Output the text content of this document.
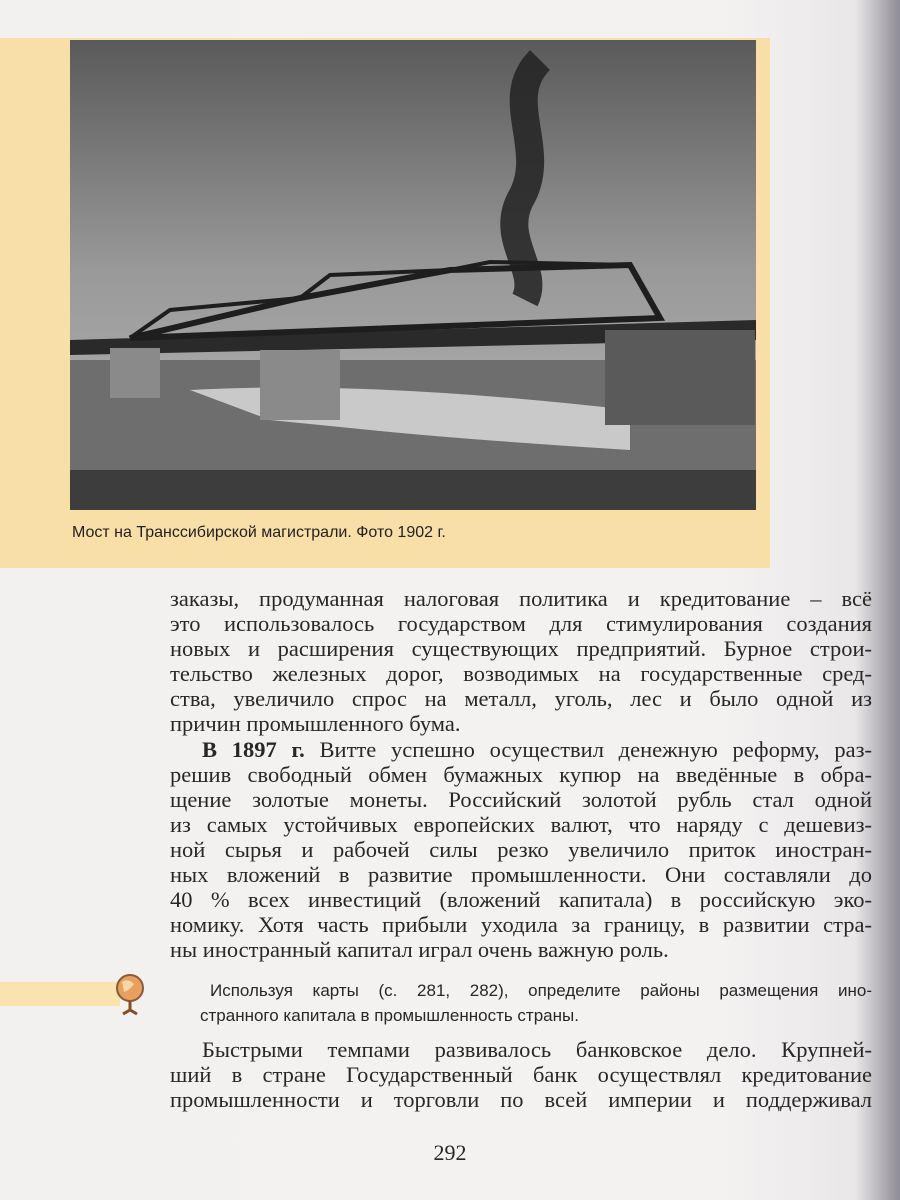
Мост на Транссибирской магистрали. Фото 1902 г.
заказы, продуманная налоговая политика и кредитование – всё
это использовалось государством для стимулирования создания
новых и расширения существующих предприятий. Бурное строи-
тельство железных дорог, возводимых на государственные сред-
ства, увеличило спрос на металл, уголь, лес и было одной из
причин промышленного бума.
В 1897 г. Витте успешно осуществил денежную реформу, раз-
решив свободный обмен бумажных купюр на введённые в обра-
щение золотые монеты. Российский золотой рубль стал одной
из самых устойчивых европейских валют, что наряду с дешевиз-
ной сырья и рабочей силы резко увеличило приток иностран-
ных вложений в развитие промышленности. Они составляли до
40 % всех инвестиций (вложений капитала) в российскую эко-
номику. Хотя часть прибыли уходила за границу, в развитии стра-
ны иностранный капитал играл очень важную роль.
Используя карты (с. 281, 282), определите районы размещения ино-
странного капитала в промышленность страны.
Быстрыми темпами развивалось банковское дело. Крупней-
ший в стране Государственный банк осуществлял кредитование
промышленности и торговли по всей империи и поддерживал
292
